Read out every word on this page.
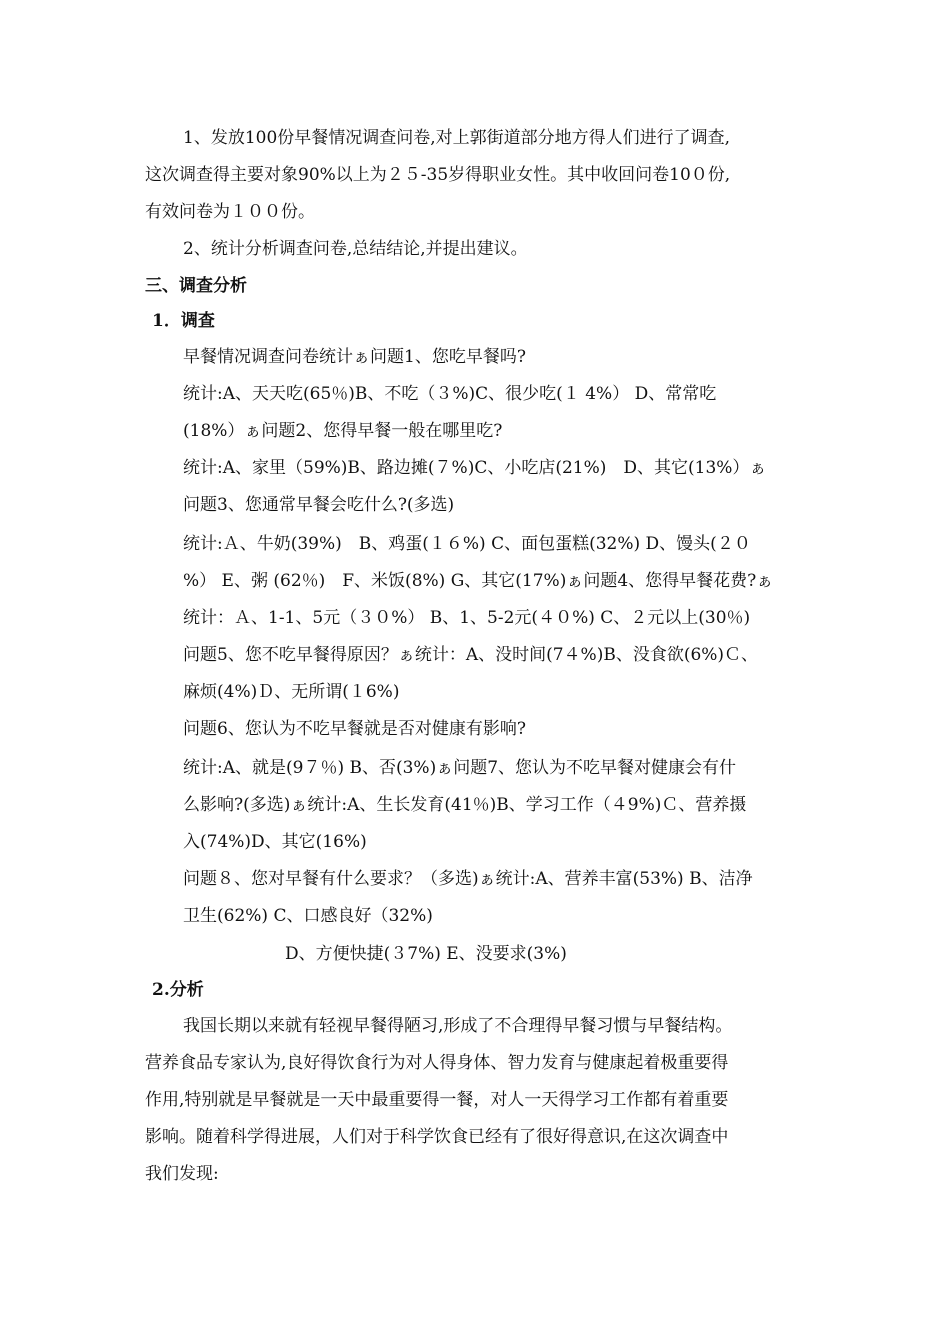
1、发放100份早餐情况调查问卷,对上郭街道部分地方得人们进行了调查,
这次调查得主要对象90%以上为２５-35岁得职业女性。其中收回问卷10０份,
有效问卷为１００份。
2、统计分析调查问卷,总结结论,并提出建议。
三、调查分析
1．调查
早餐情况调查问卷统计ぁ问题1、您吃早餐吗?
统计:A、天天吃(65％)B、不吃（３%)C、很少吃(１ 4%） D、常常吃
(18%）ぁ问题2、您得早餐一般在哪里吃?
统计:A、家里（59%)B、路边摊(７%)C、小吃店(21%)　D、其它(13%）ぁ
问题3、您通常早餐会吃什么?(多选)
统计:Ａ、牛奶(39%)　B、鸡蛋(１６%) C、面包蛋糕(32%) D、馒头(２０
%） E、粥 (62％)　F、米饭(8%) G、其它(17%)ぁ问题4、您得早餐花费?ぁ
统计：Ａ、1-1、5元（３０%） B、1、5-2元(４０%) C、２元以上(30％)
问题5、您不吃早餐得原因？ぁ统计：A、没时间(7４%)B、没食欲(6%)Ｃ、
麻烦(4%)Ｄ、无所谓(１6%)
问题6、您认为不吃早餐就是否对健康有影响?
统计:A、就是(9７％) B、否(3%)ぁ问题7、您认为不吃早餐对健康会有什
么影响?(多选)ぁ统计:A、生长发育(41％)B、学习工作（４9%)Ｃ、营养摄
入(74%)D、其它(16%)
问题８、您对早餐有什么要求？（多选)ぁ统计:A、营养丰富(53%) B、洁净
卫生(62%) C、口感良好（32%)
D、方便快捷(３7%) E、没要求(3%)
2.分析
我国长期以来就有轻视早餐得陋习,形成了不合理得早餐习惯与早餐结构。
营养食品专家认为,良好得饮食行为对人得身体、智力发育与健康起着极重要得
作用,特别就是早餐就是一天中最重要得一餐，对人一天得学习工作都有着重要
影响。随着科学得进展，人们对于科学饮食已经有了很好得意识,在这次调查中
我们发现:
